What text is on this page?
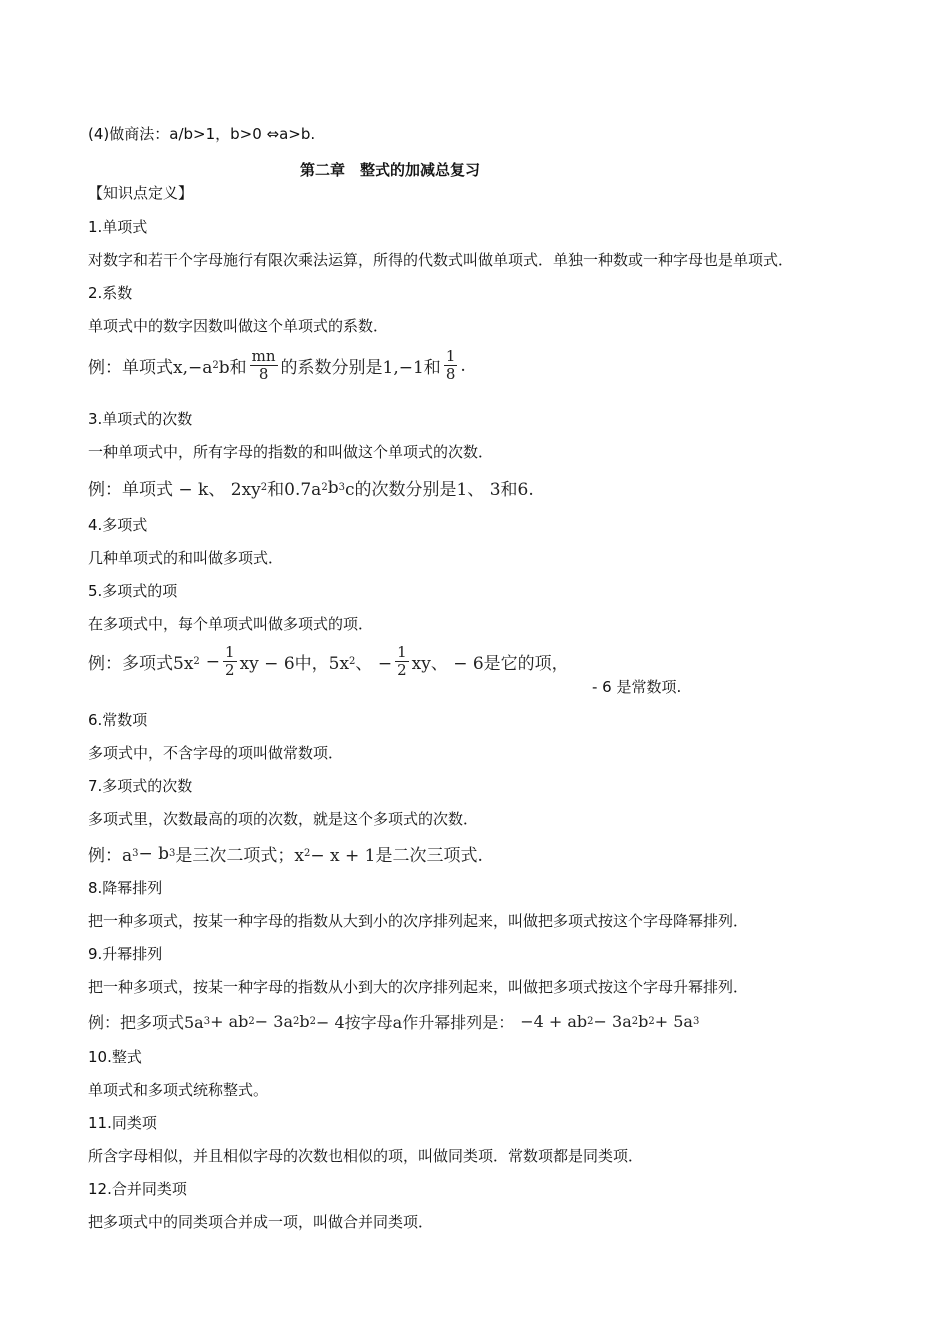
(4)做商法：a/b>1，b>0 ⇔a>b.
第二章　整式的加减总复习
【知识点定义】
1.单项式
对数字和若干个字母施行有限次乘法运算，所得的代数式叫做单项式．单独一种数或一种字母也是单项式．
2.系数
单项式中的数字因数叫做这个单项式的系数．
例：单项式x,−a 2 b和 $\frac{mn}{8}$ 的系数分别是1,−1和 $\frac{1}{8}$ .
3.单项式的次数
一种单项式中，所有字母的指数的和叫做这个单项式的次数．
例：单项式 − k、 2xy 2 和0.7a 2 b 3 c的次数分别是1、 3和6.
4.多项式
几种单项式的和叫做多项式．
5.多项式的项
在多项式中，每个单项式叫做多项式的项．
例：多项式5x $2 - \frac{1}{2}$ xy − 6中，5x 2 、 − $\frac{1}{2}$ xy、 − 6是它的项，
- 6 是常数项.
6.常数项
多项式中，不含字母的项叫做常数项．
7.多项式的次数
多项式里，次数最高的项的次数，就是这个多项式的次数．
例：a 3 − b 3 是三次二项式；x 2 − x + 1是二次三项式.
8.降幂排列
把一种多项式，按某一种字母的指数从大到小的次序排列起来，叫做把多项式按这个字母降幂排列．
9.升幂排列
把一种多项式，按某一种字母的指数从小到大的次序排列起来，叫做把多项式按这个字母升幂排列．
例：把多项式5a 3 + ab 2 − 3a 2 b 2 − 4按字母a作升幂排列是： −4 + ab 2 − 3a 2 b 2 + 5a 3
10.整式
单项式和多项式统称整式。
11.同类项
所含字母相似，并且相似字母的次数也相似的项，叫做同类项．常数项都是同类项．
12.合并同类项
把多项式中的同类项合并成一项，叫做合并同类项．
